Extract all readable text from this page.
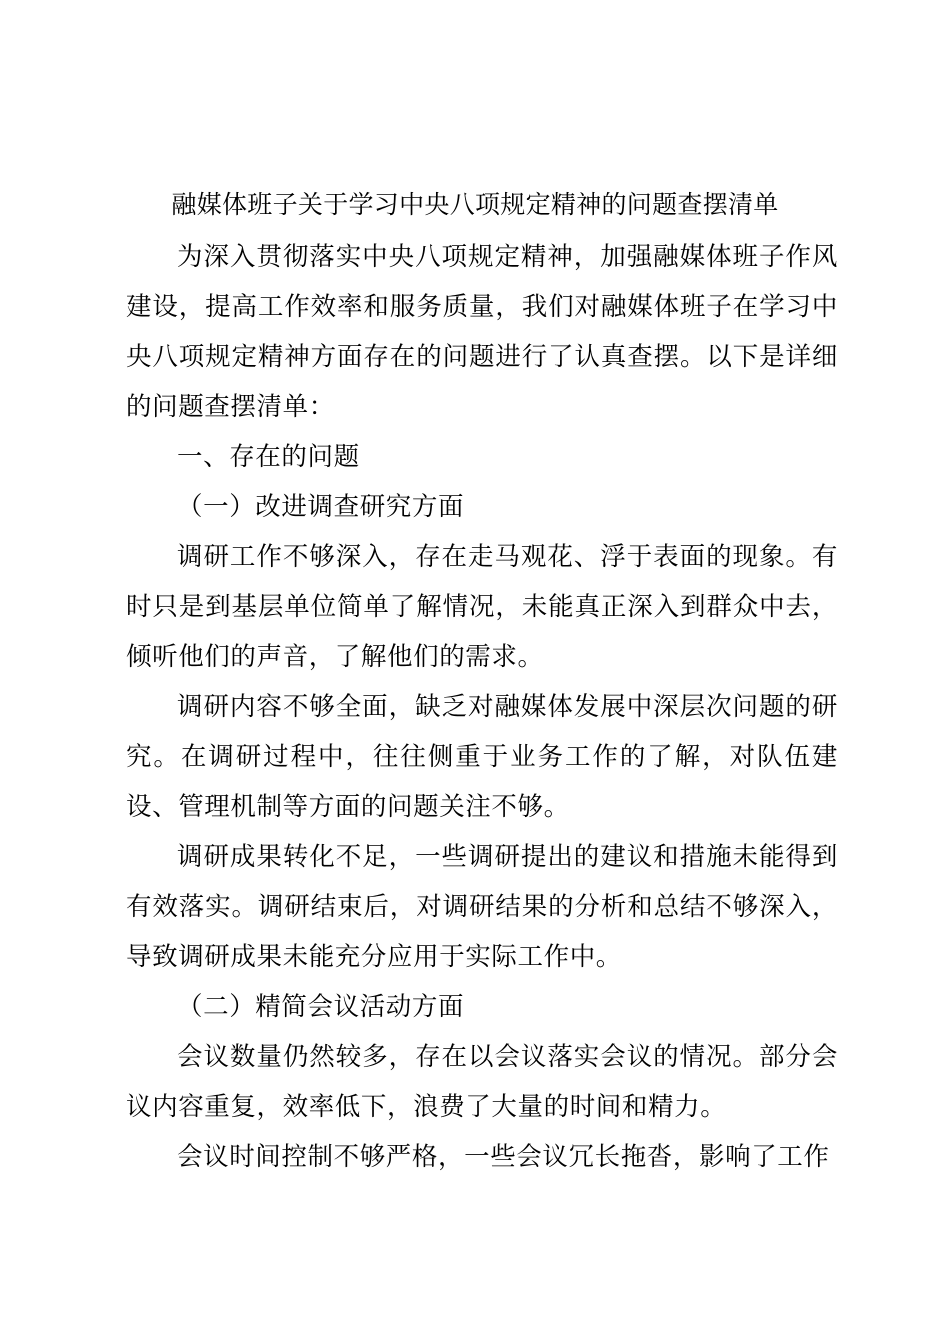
融媒体班子关于学习中央八项规定精神的问题查摆清单

为深入贯彻落实中央八项规定精神，加强融媒体班子作风建设，提高工作效率和服务质量，我们对融媒体班子在学习中央八项规定精神方面存在的问题进行了认真查摆。以下是详细的问题查摆清单：

一、存在的问题

（一）改进调查研究方面

调研工作不够深入，存在走马观花、浮于表面的现象。有时只是到基层单位简单了解情况，未能真正深入到群众中去，倾听他们的声音，了解他们的需求。

调研内容不够全面，缺乏对融媒体发展中深层次问题的研究。在调研过程中，往往侧重于业务工作的了解，对队伍建设、管理机制等方面的问题关注不够。

调研成果转化不足，一些调研提出的建议和措施未能得到有效落实。调研结束后，对调研结果的分析和总结不够深入，导致调研成果未能充分应用于实际工作中。

（二）精简会议活动方面

会议数量仍然较多，存在以会议落实会议的情况。部分会议内容重复，效率低下，浪费了大量的时间和精力。

会议时间控制不够严格，一些会议冗长拖沓，影响了工作
